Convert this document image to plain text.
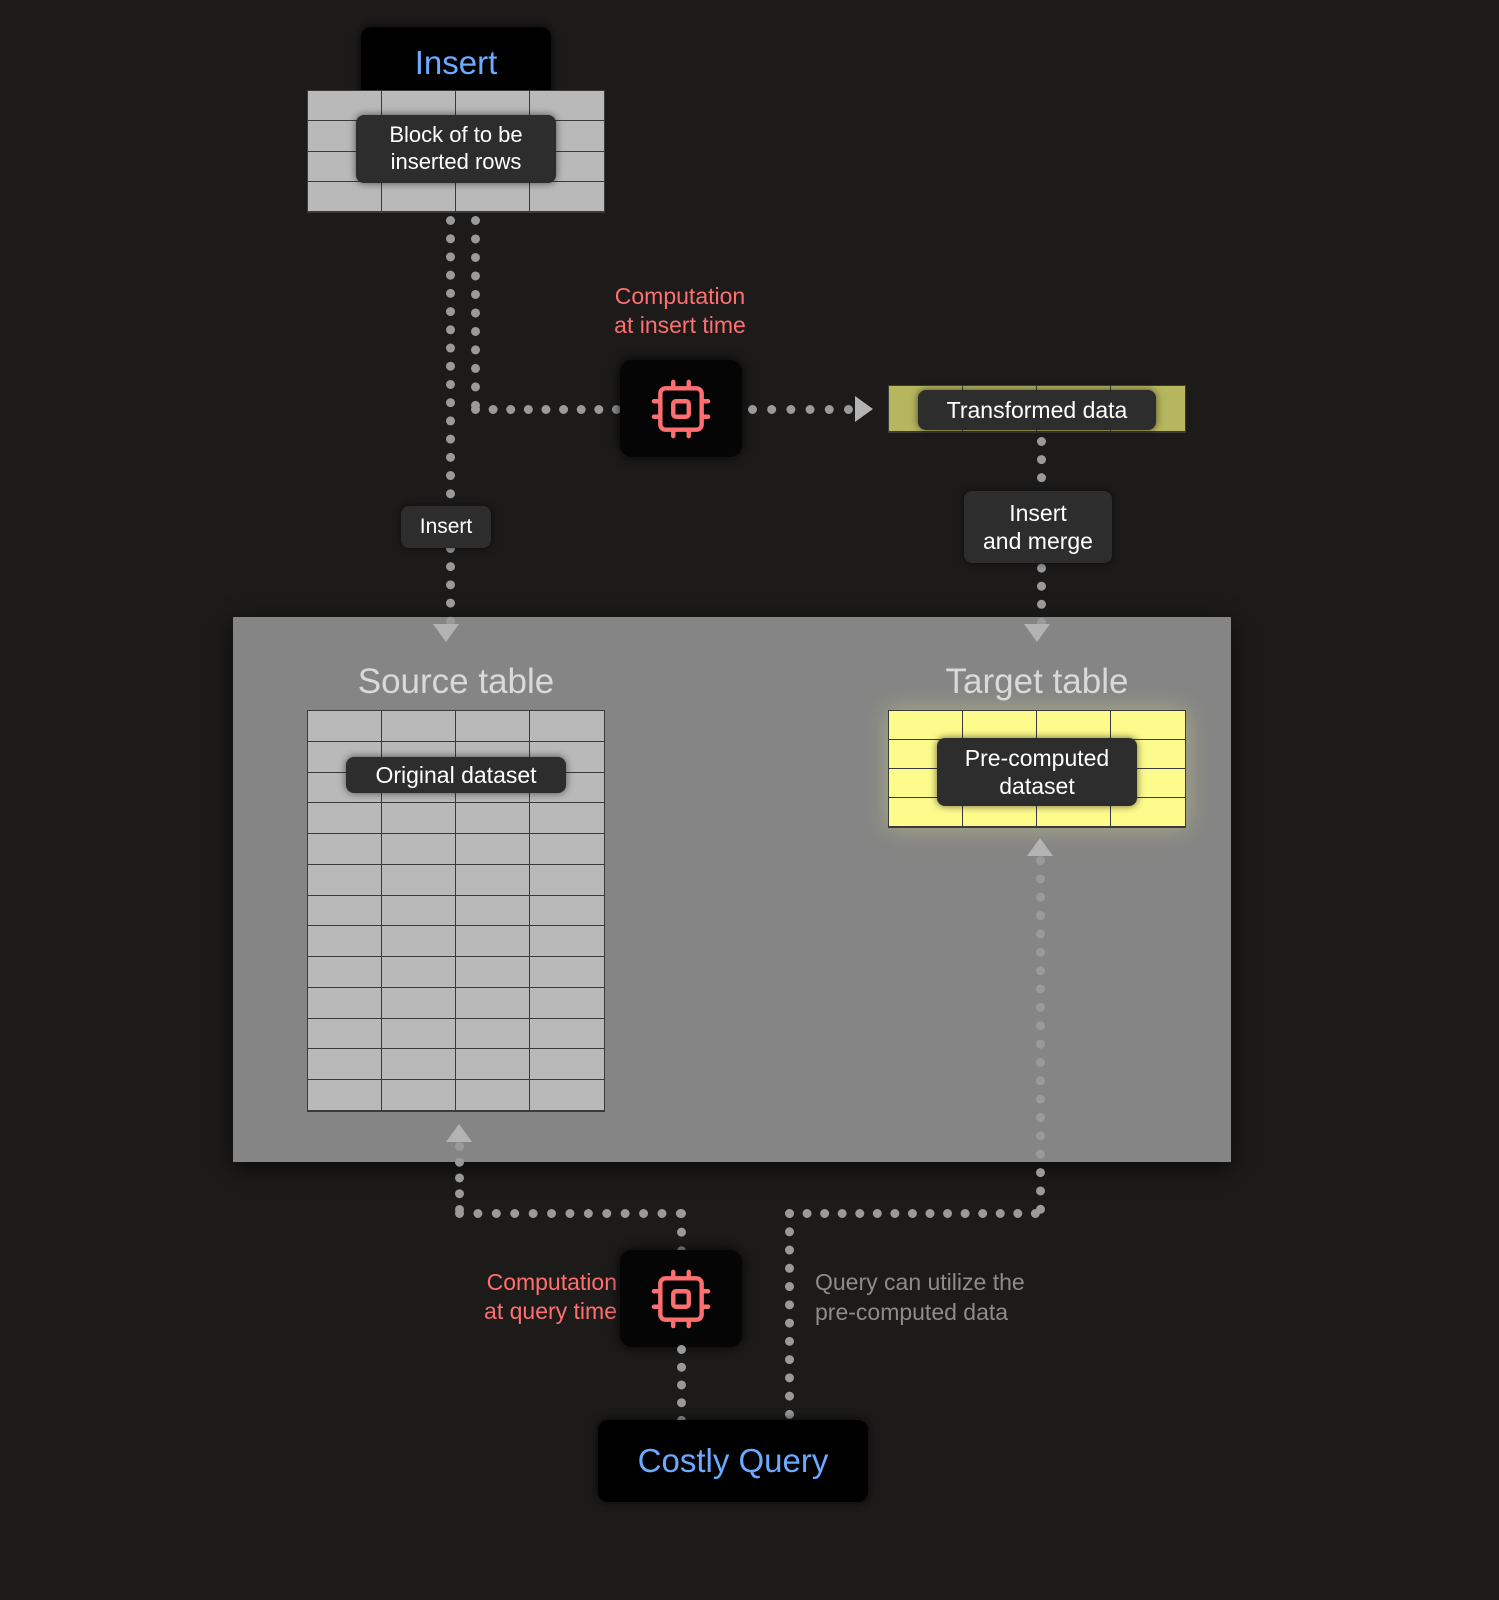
Insert
Block of to be
inserted rows
Insert
Computation
at insert time
Transformed data
Insert
and merge
Source table
Original dataset
Target table
Pre-computed
dataset
Computation
at query time
Query can utilize the
pre-computed data
Costly Query
